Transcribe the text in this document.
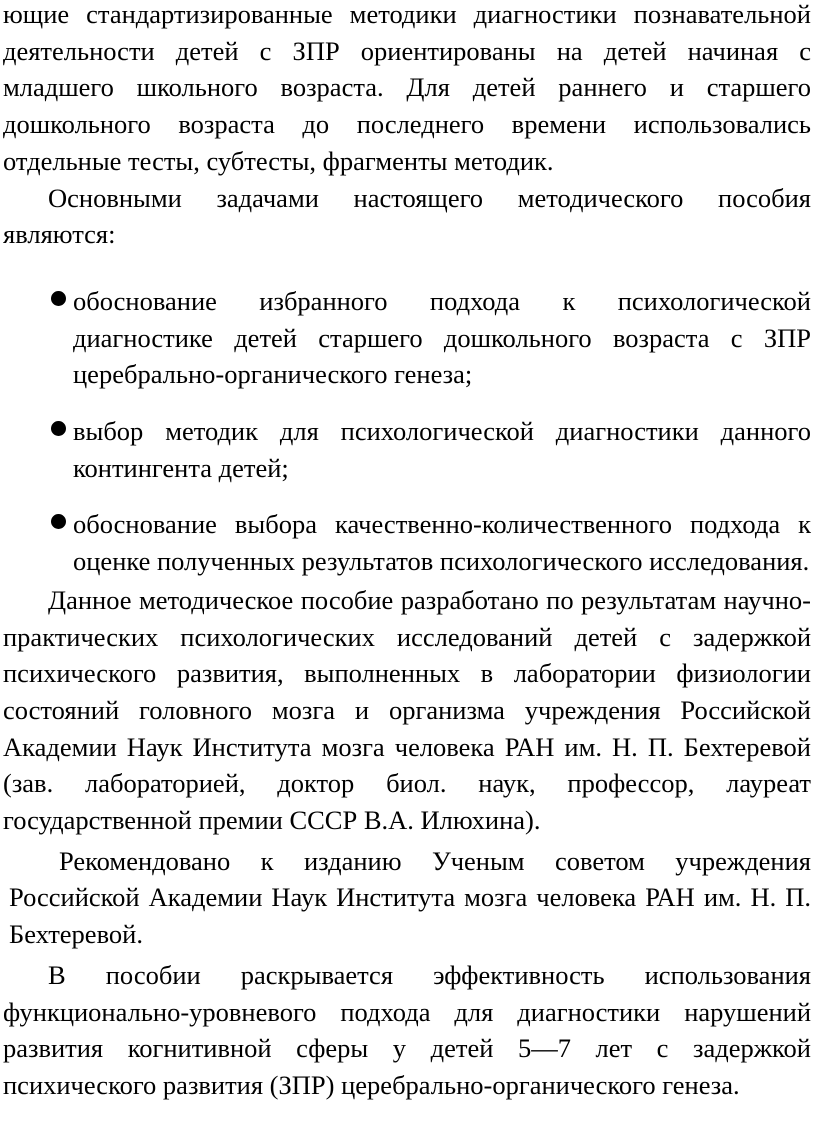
ющие стандартизированные методики диагностики познавательной деятельности детей с ЗПР ориентированы на детей начиная с младшего школьного возраста. Для детей раннего и старшего дошкольного возраста до последнего времени использовались отдельные тесты, субтесты, фрагменты методик.

Основными задачами настоящего методического пособия являются:

обоснование избранного подхода к психологической диагностике детей старшего дошкольного возраста с ЗПР церебрально-органического генеза;
выбор методик для психологической диагностики данного контингента детей;
обоснование выбора качественно-количественного подхода к оценке полученных результатов психологического исследования.

Данное методическое пособие разработано по результатам научно-практических психологических исследований детей с задержкой психического развития, выполненных в лаборатории физиологии состояний головного мозга и организма учреждения Российской Академии Наук Института мозга человека РАН им. Н. П. Бехтеревой (зав. лабораторией, доктор биол. наук, профессор, лауреат государственной премии СССР В.А. Илюхина).

Рекомендовано к изданию Ученым советом учреждения Российской Академии Наук Института мозга человека РАН им. Н. П. Бехтеревой.

В пособии раскрывается эффективность использования функционально-уровневого подхода для диагностики нарушений развития когнитивной сферы у детей 5—7 лет с задержкой психического развития (ЗПР) церебрально-органического генеза.
